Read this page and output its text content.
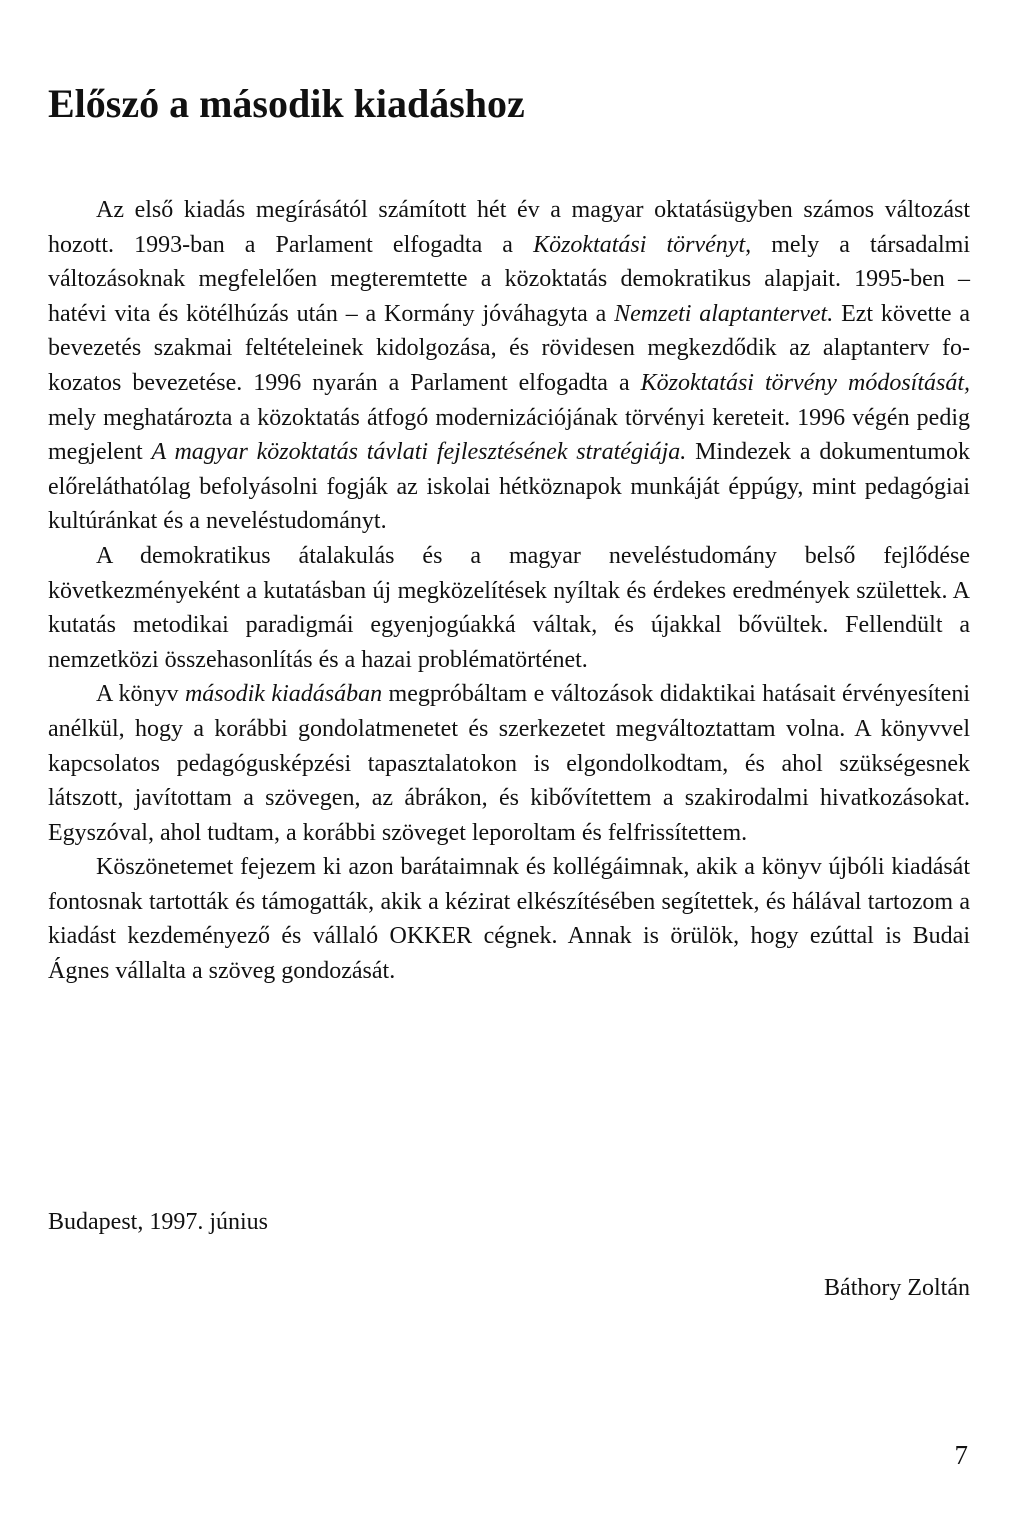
Előszó a második kiadáshoz

Az első kiadás megírásától számított hét év a magyar oktatásügyben számos változást hozott. 1993-ban a Parlament elfogadta a Közoktatási törvényt, mely a társadalmi változásoknak megfelelően megteremtette a közoktatás demokratikus alapjait. 1995-ben – hatévi vita és kötélhúzás után – a Kormány jóváhagyta a Nemzeti alaptantervet. Ezt követte a bevezetés szakmai feltételeinek kidolgozása, és rövidesen megkezdődik az alaptanterv fokozatos bevezetése. 1996 nyarán a Parlament elfogadta a Közoktatási törvény módosítását, mely meghatározta a közoktatás átfogó modernizációjának törvényi kereteit. 1996 végén pedig megjelent A magyar közoktatás távlati fejlesztésének stratégiája. Mindezek a dokumentumok előreláthatólag befolyásolni fogják az iskolai hétköznapok munkáját éppúgy, mint pedagógiai kultúránkat és a neveléstudományt.

A demokratikus átalakulás és a magyar neveléstudomány belső fejlődése következményeként a kutatásban új megközelítések nyíltak és érdekes eredmények születtek. A kutatás metodikai paradigmái egyenjogúakká váltak, és újakkal bővültek. Fellendült a nemzetközi összehasonlítás és a hazai problématörténet.

A könyv második kiadásában megpróbáltam e változások didaktikai hatásait érvényesíteni anélkül, hogy a korábbi gondolatmenetet és szerkezetet megváltoztattam volna. A könyvvel kapcsolatos pedagógusképzési tapasztalatokon is elgondolkodtam, és ahol szükségesnek látszott, javítottam a szövegen, az ábrákon, és kibővítettem a szakirodalmi hivatkozásokat. Egyszóval, ahol tudtam, a korábbi szöveget leporoltam és felfrissítettem.

Köszönetemet fejezem ki azon barátaimnak és kollégáimnak, akik a könyv újbóli kiadását fontosnak tartották és támogatták, akik a kézirat elkészítésében segítettek, és hálával tartozom a kiadást kezdeményező és vállaló OKKER cégnek. Annak is örülök, hogy ezúttal is Budai Ágnes vállalta a szöveg gondozását.

Budapest, 1997. június

Báthory Zoltán

7
